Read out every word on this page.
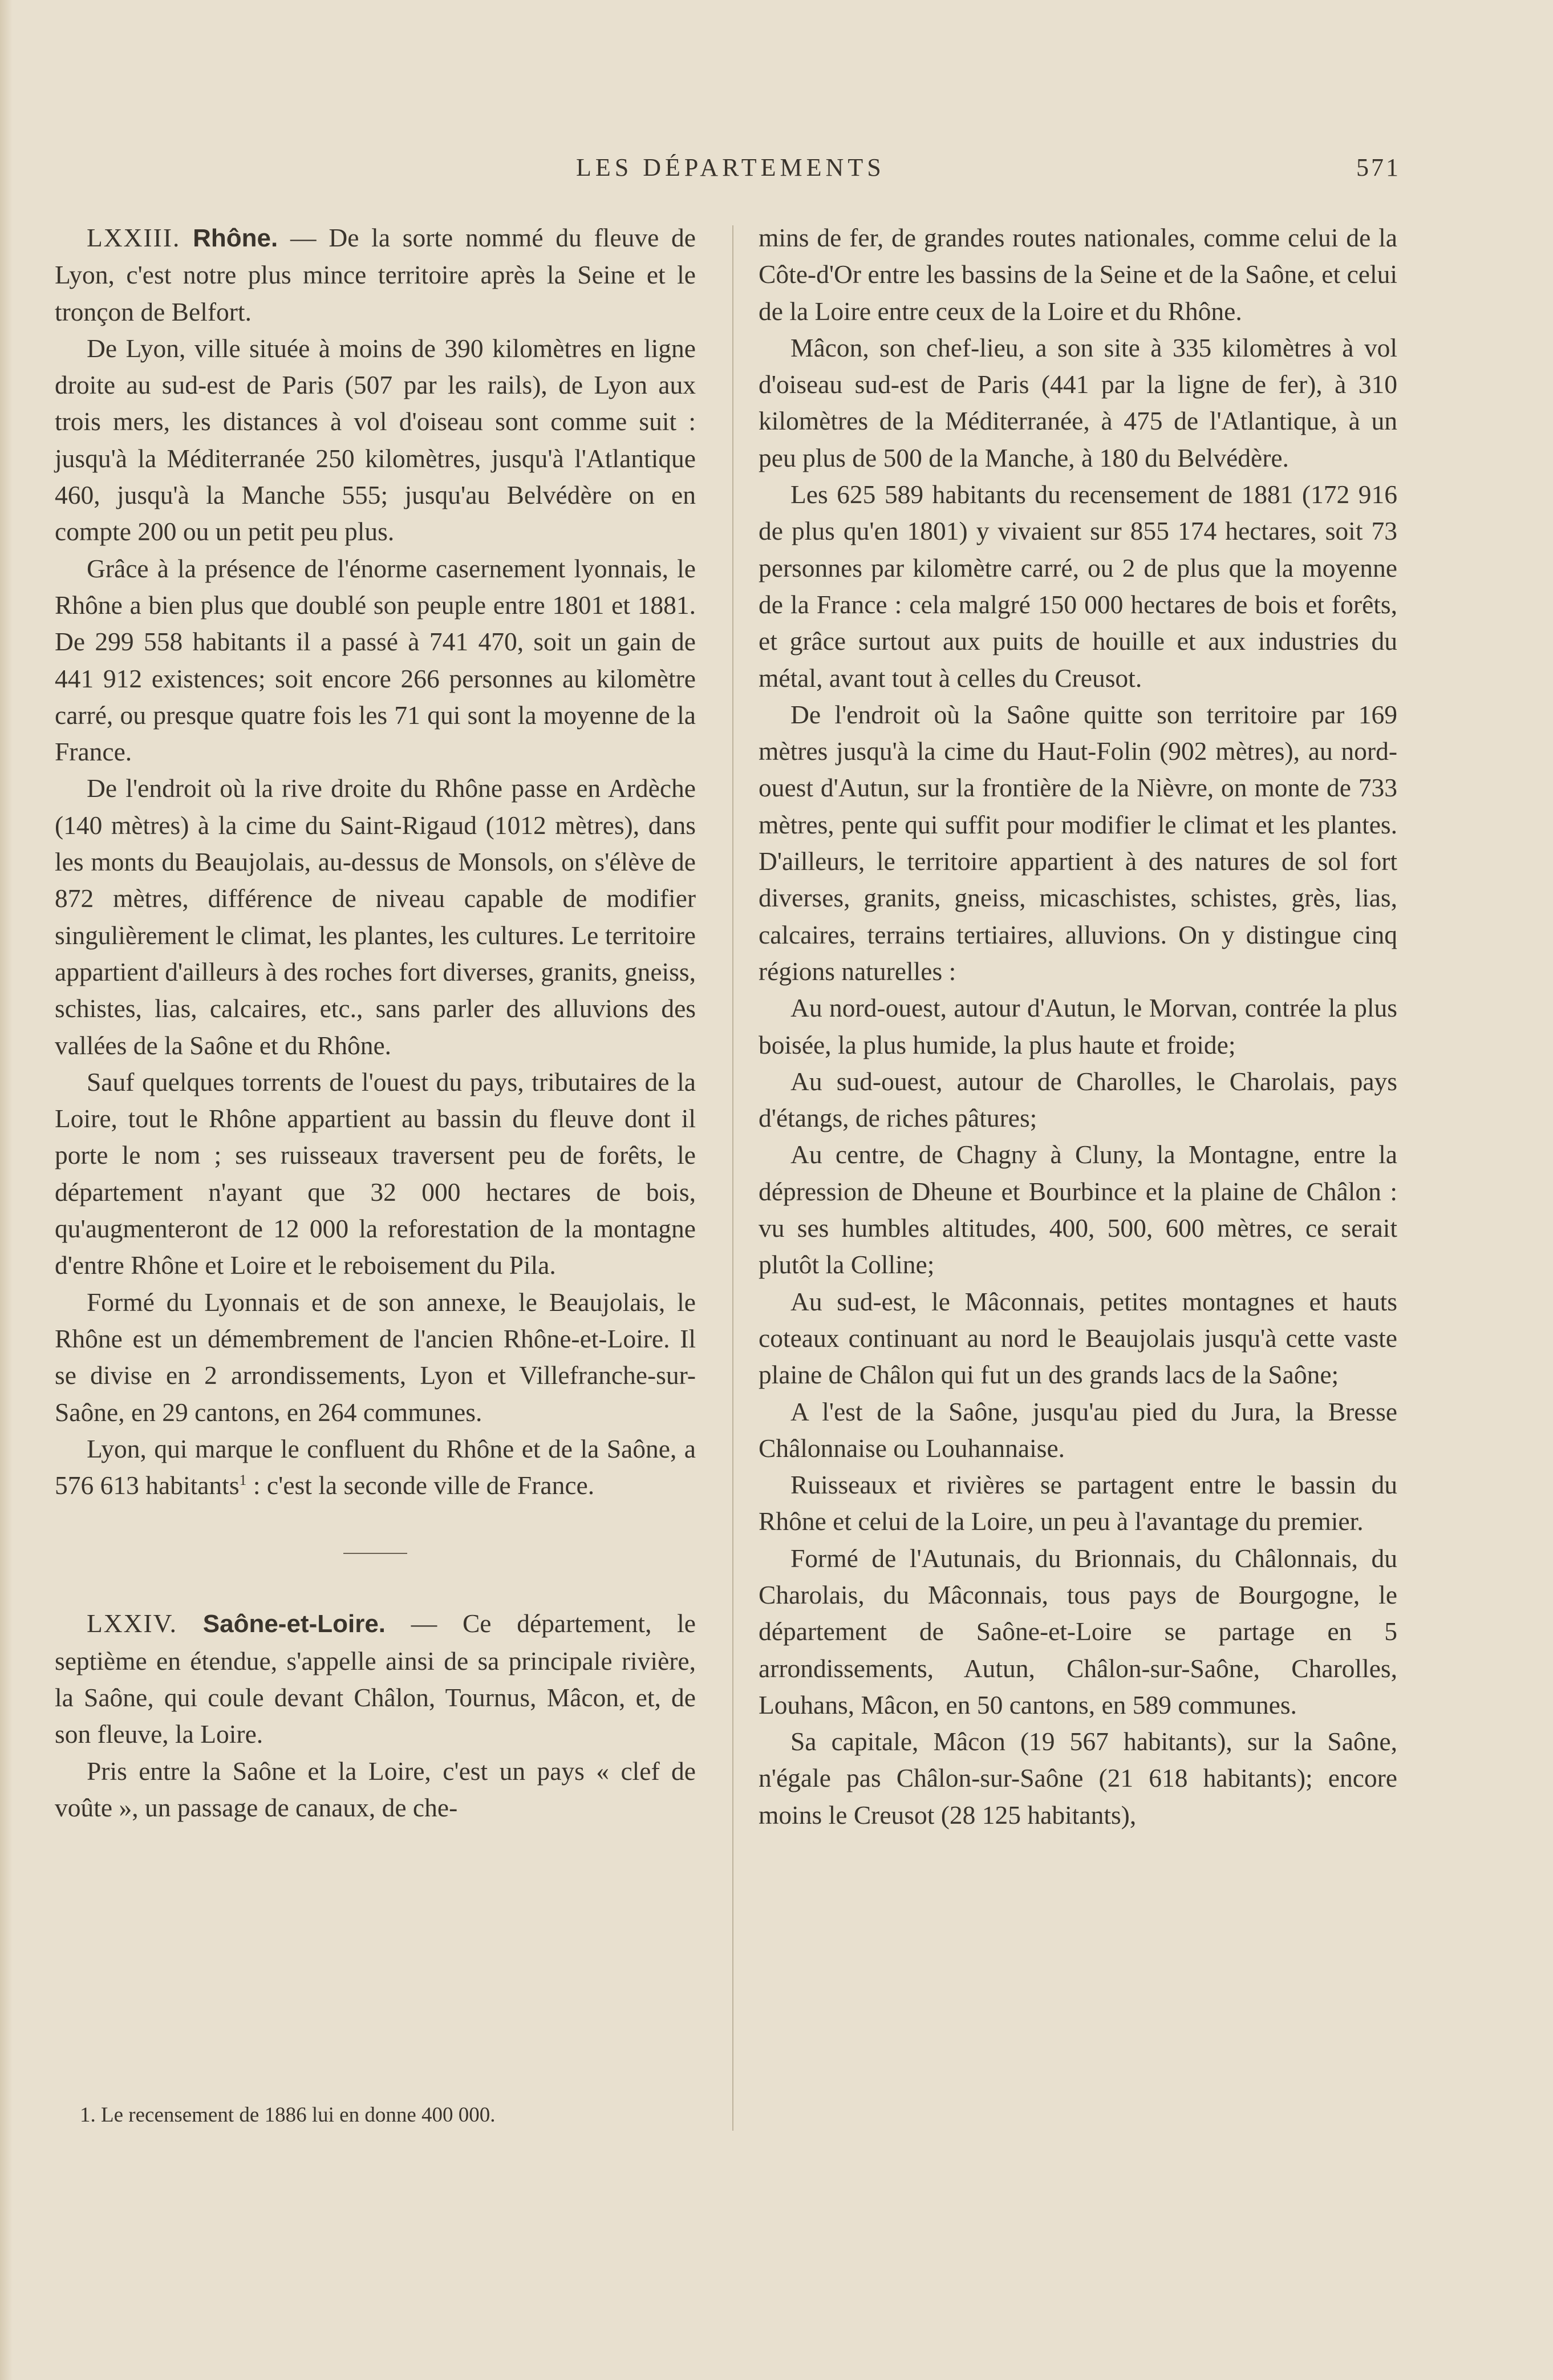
LES DÉPARTEMENTS	571

LXXIII. Rhône. — De la sorte nommé du fleuve de Lyon, c'est notre plus mince territoire après la Seine et le tronçon de Belfort.

De Lyon, ville située à moins de 390 kilomètres en ligne droite au sud-est de Paris (507 par les rails), de Lyon aux trois mers, les distances à vol d'oiseau sont comme suit : jusqu'à la Méditerranée 250 kilomètres, jusqu'à l'Atlantique 460, jusqu'à la Manche 555; jusqu'au Belvédère on en compte 200 ou un petit peu plus.

Grâce à la présence de l'énorme casernement lyonnais, le Rhône a bien plus que doublé son peuple entre 1801 et 1881. De 299 558 habitants il a passé à 741 470, soit un gain de 441 912 existences; soit encore 266 personnes au kilomètre carré, ou presque quatre fois les 71 qui sont la moyenne de la France.

De l'endroit où la rive droite du Rhône passe en Ardèche (140 mètres) à la cime du Saint-Rigaud (1012 mètres), dans les monts du Beaujolais, au-dessus de Monsols, on s'élève de 872 mètres, différence de niveau capable de modifier singulièrement le climat, les plantes, les cultures. Le territoire appartient d'ailleurs à des roches fort diverses, granits, gneiss, schistes, lias, calcaires, etc., sans parler des alluvions des vallées de la Saône et du Rhône.

Sauf quelques torrents de l'ouest du pays, tributaires de la Loire, tout le Rhône appartient au bassin du fleuve dont il porte le nom ; ses ruisseaux traversent peu de forêts, le département n'ayant que 32 000 hectares de bois, qu'augmenteront de 12 000 la reforestation de la montagne d'entre Rhône et Loire et le reboisement du Pila.

Formé du Lyonnais et de son annexe, le Beaujolais, le Rhône est un démembrement de l'ancien Rhône-et-Loire. Il se divise en 2 arrondissements, Lyon et Villefranche-sur-Saône, en 29 cantons, en 264 communes.

Lyon, qui marque le confluent du Rhône et de la Saône, a 576 613 habitants$^1$ : c'est la seconde ville de France.

LXXIV. Saône-et-Loire. — Ce département, le septième en étendue, s'appelle ainsi de sa principale rivière, la Saône, qui coule devant Châlon, Tournus, Mâcon, et, de son fleuve, la Loire.

Pris entre la Saône et la Loire, c'est un pays « clef de voûte », un passage de canaux, de che-

mins de fer, de grandes routes nationales, comme celui de la Côte-d'Or entre les bassins de la Seine et de la Saône, et celui de la Loire entre ceux de la Loire et du Rhône.

Mâcon, son chef-lieu, a son site à 335 kilomètres à vol d'oiseau sud-est de Paris (441 par la ligne de fer), à 310 kilomètres de la Méditerranée, à 475 de l'Atlantique, à un peu plus de 500 de la Manche, à 180 du Belvédère.

Les 625 589 habitants du recensement de 1881 (172 916 de plus qu'en 1801) y vivaient sur 855 174 hectares, soit 73 personnes par kilomètre carré, ou 2 de plus que la moyenne de la France : cela malgré 150 000 hectares de bois et forêts, et grâce surtout aux puits de houille et aux industries du métal, avant tout à celles du Creusot.

De l'endroit où la Saône quitte son territoire par 169 mètres jusqu'à la cime du Haut-Folin (902 mètres), au nord-ouest d'Autun, sur la frontière de la Nièvre, on monte de 733 mètres, pente qui suffit pour modifier le climat et les plantes. D'ailleurs, le territoire appartient à des natures de sol fort diverses, granits, gneiss, micaschistes, schistes, grès, lias, calcaires, terrains tertiaires, alluvions. On y distingue cinq régions naturelles :

Au nord-ouest, autour d'Autun, le Morvan, contrée la plus boisée, la plus humide, la plus haute et froide;

Au sud-ouest, autour de Charolles, le Charolais, pays d'étangs, de riches pâtures;

Au centre, de Chagny à Cluny, la Montagne, entre la dépression de Dheune et Bourbince et la plaine de Châlon : vu ses humbles altitudes, 400, 500, 600 mètres, ce serait plutôt la Colline;

Au sud-est, le Mâconnais, petites montagnes et hauts coteaux continuant au nord le Beaujolais jusqu'à cette vaste plaine de Châlon qui fut un des grands lacs de la Saône;

A l'est de la Saône, jusqu'au pied du Jura, la Bresse Châlonnaise ou Louhannaise.

Ruisseaux et rivières se partagent entre le bassin du Rhône et celui de la Loire, un peu à l'avantage du premier.

Formé de l'Autunais, du Brionnais, du Châlonnais, du Charolais, du Mâconnais, tous pays de Bourgogne, le département de Saône-et-Loire se partage en 5 arrondissements, Autun, Châlon-sur-Saône, Charolles, Louhans, Mâcon, en 50 cantons, en 589 communes.

Sa capitale, Mâcon (19 567 habitants), sur la Saône, n'égale pas Châlon-sur-Saône (21 618 habitants); encore moins le Creusot (28 125 habitants),

1. Le recensement de 1886 lui en donne 400 000.
